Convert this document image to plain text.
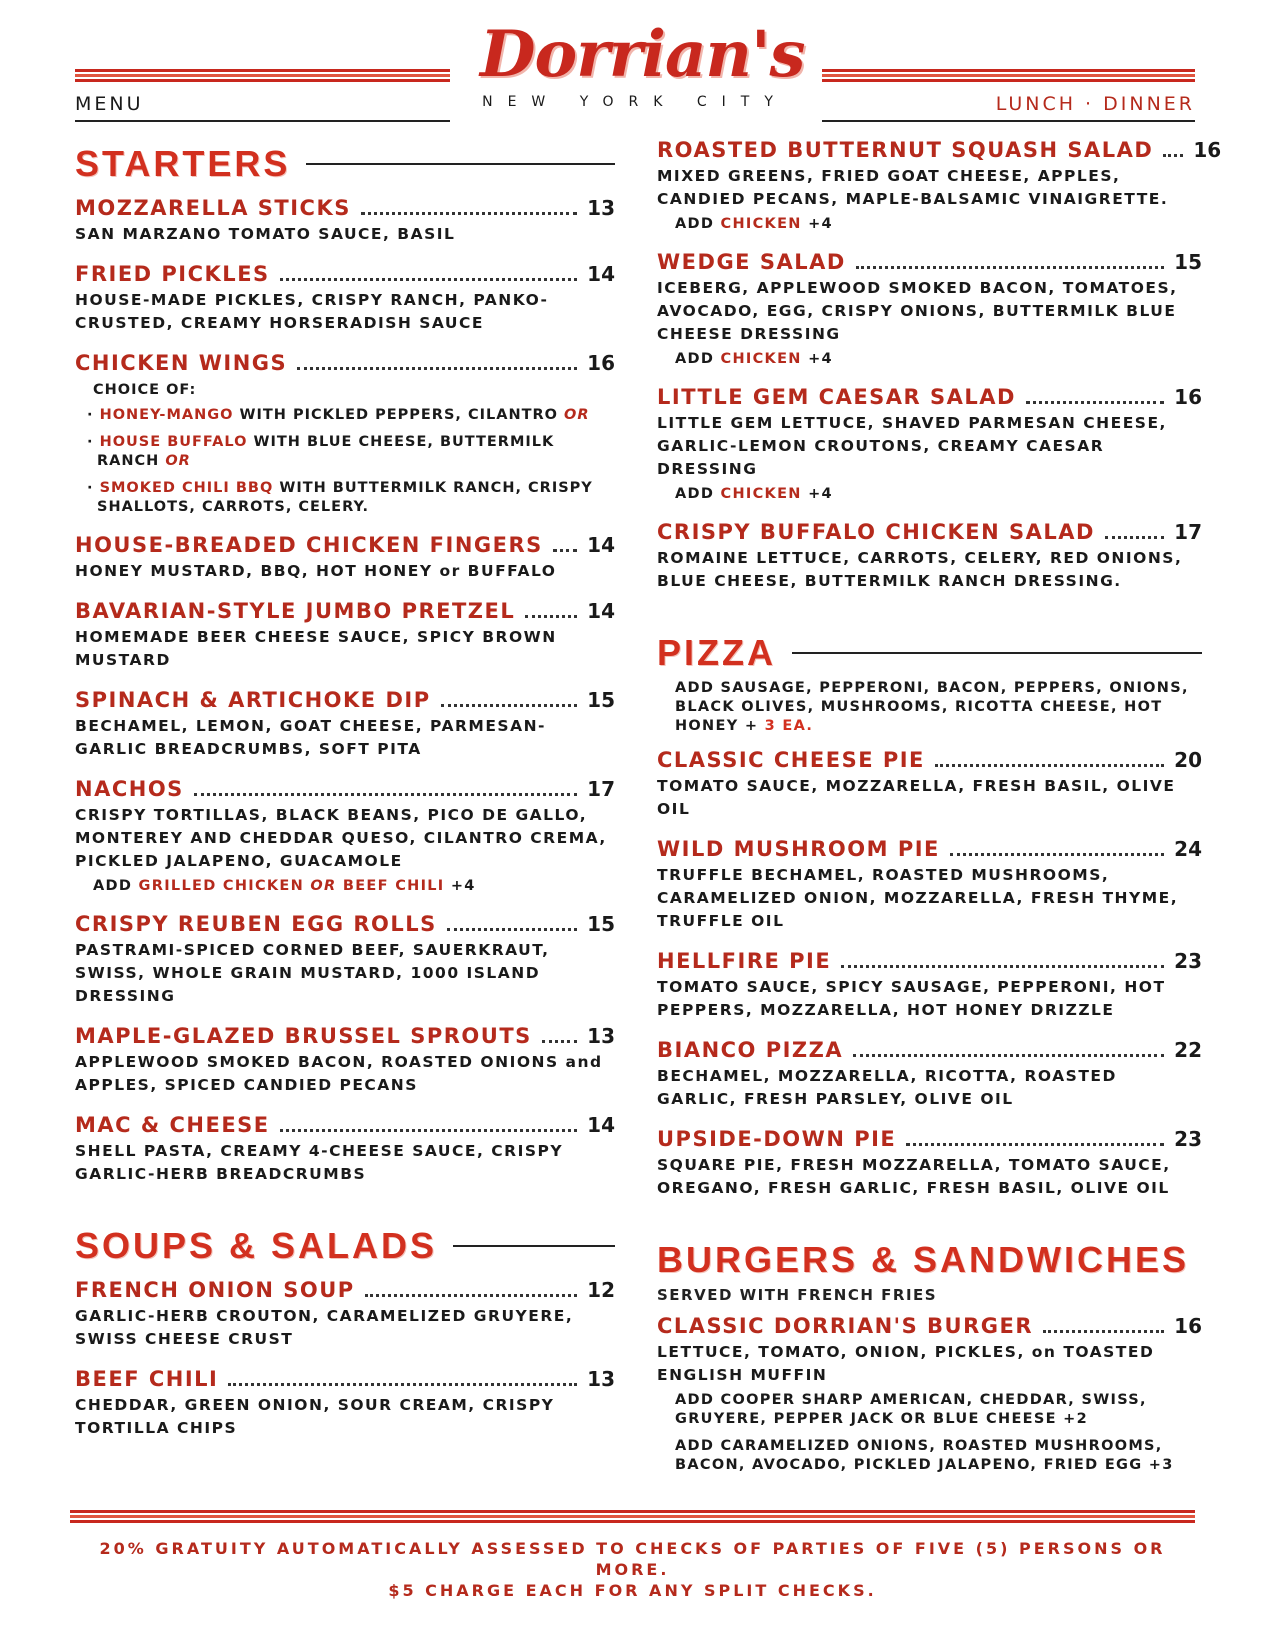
MENU
Dorrian's
NEW YORK CITY	LUNCH · DINNER
STARTERS
MOZZARELLA STICKS	13
SAN MARZANO TOMATO SAUCE, BASIL
FRIED PICKLES	14
HOUSE-MADE PICKLES, CRISPY RANCH, PANKO-CRUSTED, CREAMY HORSERADISH SAUCE
CHICKEN WINGS	16
CHOICE OF:
· HONEY-MANGO WITH PICKLED PEPPERS, CILANTRO OR
· HOUSE BUFFALO WITH BLUE CHEESE, BUTTERMILK RANCH OR
· SMOKED CHILI BBQ WITH BUTTERMILK RANCH, CRISPY SHALLOTS, CARROTS, CELERY.
HOUSE-BREADED CHICKEN FINGERS 14
HONEY MUSTARD, BBQ, HOT HONEY or BUFFALO
BAVARIAN-STYLE JUMBO PRETZEL	14
HOMEMADE BEER CHEESE SAUCE, SPICY BROWN MUSTARD
SPINACH & ARTICHOKE DIP	15
BECHAMEL, LEMON, GOAT CHEESE, PARMESAN-GARLIC BREADCRUMBS, SOFT PITA
NACHOS	17
CRISPY TORTILLAS, BLACK BEANS, PICO DE GALLO, MONTEREY AND CHEDDAR QUESO, CILANTRO CREMA, PICKLED JALAPENO, GUACAMOLE
ADD GRILLED CHICKEN OR BEEF CHILI +4
CRISPY REUBEN EGG ROLLS	15
PASTRAMI-SPICED CORNED BEEF, SAUERKRAUT, SWISS, WHOLE GRAIN MUSTARD, 1000 ISLAND DRESSING
MAPLE-GLAZED BRUSSEL SPROUTS	13
APPLEWOOD SMOKED BACON, ROASTED ONIONS and APPLES, SPICED CANDIED PECANS
MAC & CHEESE	14
SHELL PASTA, CREAMY 4-CHEESE SAUCE, CRISPY GARLIC-HERB BREADCRUMBS
SOUPS & SALADS
FRENCH ONION SOUP	12
GARLIC-HERB CROUTON, CARAMELIZED GRUYERE, SWISS CHEESE CRUST
BEEF CHILI	13
CHEDDAR, GREEN ONION, SOUR CREAM, CRISPY TORTILLA CHIPS
ROASTED BUTTERNUT SQUASH SALAD 16
MIXED GREENS, FRIED GOAT CHEESE, APPLES, CANDIED PECANS, MAPLE-BALSAMIC VINAIGRETTE.
ADD CHICKEN +4
WEDGE SALAD	15
ICEBERG, APPLEWOOD SMOKED BACON, TOMATOES, AVOCADO, EGG, CRISPY ONIONS, BUTTERMILK BLUE CHEESE DRESSING
ADD CHICKEN +4
LITTLE GEM CAESAR SALAD	16
LITTLE GEM LETTUCE, SHAVED PARMESAN CHEESE, GARLIC-LEMON CROUTONS, CREAMY CAESAR DRESSING
ADD CHICKEN +4
CRISPY BUFFALO CHICKEN SALAD	17
ROMAINE LETTUCE, CARROTS, CELERY, RED ONIONS, BLUE CHEESE, BUTTERMILK RANCH DRESSING.
PIZZA
ADD SAUSAGE, PEPPERONI, BACON, PEPPERS, ONIONS, BLACK OLIVES, MUSHROOMS, RICOTTA CHEESE, HOT HONEY + 3 EA.
CLASSIC CHEESE PIE	20
TOMATO SAUCE, MOZZARELLA, FRESH BASIL, OLIVE OIL
WILD MUSHROOM PIE	24
TRUFFLE BECHAMEL, ROASTED MUSHROOMS, CARAMELIZED ONION, MOZZARELLA, FRESH THYME, TRUFFLE OIL
HELLFIRE PIE	23
TOMATO SAUCE, SPICY SAUSAGE, PEPPERONI, HOT PEPPERS, MOZZARELLA, HOT HONEY DRIZZLE
BIANCO PIZZA	22
BECHAMEL, MOZZARELLA, RICOTTA, ROASTED GARLIC, FRESH PARSLEY, OLIVE OIL
UPSIDE-DOWN PIE	23
SQUARE PIE, FRESH MOZZARELLA, TOMATO SAUCE, OREGANO, FRESH GARLIC, FRESH BASIL, OLIVE OIL
BURGERS & SANDWICHES
SERVED WITH FRENCH FRIES
CLASSIC DORRIAN'S BURGER	16
LETTUCE, TOMATO, ONION, PICKLES, on TOASTED ENGLISH MUFFIN
ADD COOPER SHARP AMERICAN, CHEDDAR, SWISS, GRUYERE, PEPPER JACK OR BLUE CHEESE +2
ADD CARAMELIZED ONIONS, ROASTED MUSHROOMS, BACON, AVOCADO, PICKLED JALAPENO, FRIED EGG +3
20% GRATUITY AUTOMATICALLY ASSESSED TO CHECKS OF PARTIES OF FIVE (5) PERSONS OR MORE.
$5 CHARGE EACH FOR ANY SPLIT CHECKS.
